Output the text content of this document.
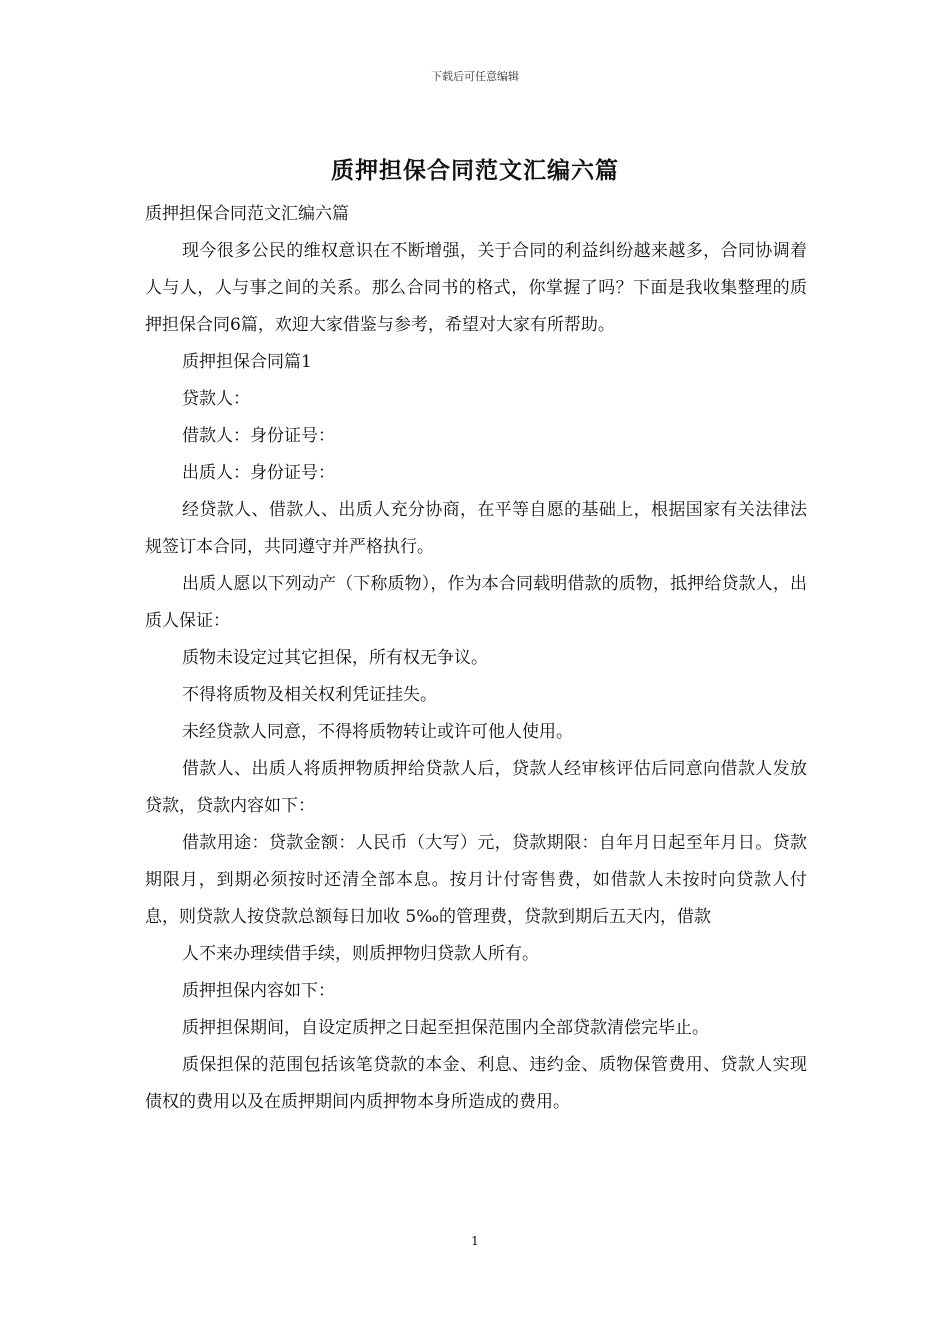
下载后可任意编辑
质押担保合同范文汇编六篇

质押担保合同范文汇编六篇

现今很多公民的维权意识在不断增强，关于合同的利益纠纷越来越多，合同协调着人与人，人与事之间的关系。那么合同书的格式，你掌握了吗？下面是我收集整理的质押担保合同6篇，欢迎大家借鉴与参考，希望对大家有所帮助。

质押担保合同篇1

贷款人：

借款人：身份证号：

出质人：身份证号：

经贷款人、借款人、出质人充分协商，在平等自愿的基础上，根据国家有关法律法规签订本合同，共同遵守并严格执行。

出质人愿以下列动产（下称质物），作为本合同载明借款的质物，抵押给贷款人，出质人保证：

质物未设定过其它担保，所有权无争议。

不得将质物及相关权利凭证挂失。

未经贷款人同意，不得将质物转让或许可他人使用。

借款人、出质人将质押物质押给贷款人后，贷款人经审核评估后同意向借款人发放贷款，贷款内容如下：

借款用途：贷款金额：人民币（大写）元，贷款期限：自年月日起至年月日。贷款期限月，到期必须按时还清全部本息。按月计付寄售费，如借款人未按时向贷款人付息，则贷款人按贷款总额每日加收 5‰的管理费，贷款到期后五天内，借款

人不来办理续借手续，则质押物归贷款人所有。

质押担保内容如下：

质押担保期间，自设定质押之日起至担保范围内全部贷款清偿完毕止。

质保担保的范围包括该笔贷款的本金、利息、违约金、质物保管费用、贷款人实现债权的费用以及在质押期间内质押物本身所造成的费用。

1
